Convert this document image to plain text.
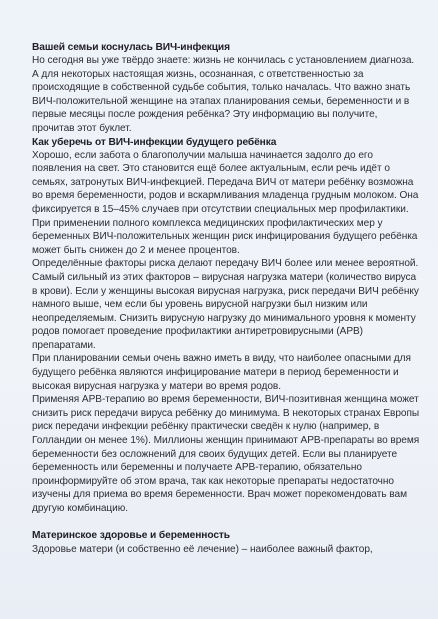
Вашей семьи коснулась ВИЧ-инфекция

Но сегодня вы уже твёрдо знаете: жизнь не кончилась с установлением диагноза. А для некоторых настоящая жизнь, осознанная, с ответственностью за происходящие в собственной судьбе события, только началась. Что важно знать ВИЧ-положительной женщине на этапах планирования семьи, беременности и в первые месяцы после рождения ребёнка? Эту информацию вы получите, прочитав этот буклет.

Как уберечь от ВИЧ-инфекции будущего ребёнка

Хорошо, если забота о благополучии малыша начинается задолго до его появления на свет. Это становится ещё более актуальным, если речь идёт о семьях, затронутых ВИЧ-инфекцией. Передача ВИЧ от матери ребёнку возможна во время беременности, родов и вскармливания младенца грудным молоком. Она фиксируется в 15–45% случаев при отсутствии специальных мер профилактики. При применении полного комплекса медицинских профилактических мер у беременных ВИЧ-положительных женщин риск инфицирования будущего ребёнка может быть снижен до 2 и менее процентов.

Определённые факторы риска делают передачу ВИЧ более или менее вероятной. Самый сильный из этих факторов – вирусная нагрузка матери (количество вируса в крови). Если у женщины высокая вирусная нагрузка, риск передачи ВИЧ ребёнку намного выше, чем если бы уровень вирусной нагрузки был низким или неопределяемым. Снизить вирусную нагрузку до минимального уровня к моменту родов помогает проведение профилактики антиретровирусными (АРВ) препаратами.

При планировании семьи очень важно иметь в виду, что наиболее опасными для будущего ребёнка являются инфицирование матери в период беременности и высокая вирусная нагрузка у матери во время родов.

Применяя АРВ-терапию во время беременности, ВИЧ-позитивная женщина может снизить риск передачи вируса ребёнку до минимума. В некоторых странах Европы риск передачи инфекции ребёнку практически сведён к нулю (например, в Голландии он менее 1%). Миллионы женщин принимают АРВ-препараты во время беременности без осложнений для своих будущих детей. Если вы планируете беременность или беременны и получаете АРВ-терапию, обязательно проинформируйте об этом врача, так как некоторые препараты недостаточно изучены для приема во время беременности. Врач может порекомендовать вам другую комбинацию.

Материнское здоровье и беременность

Здоровье матери (и собственно её лечение) – наиболее важный фактор,
